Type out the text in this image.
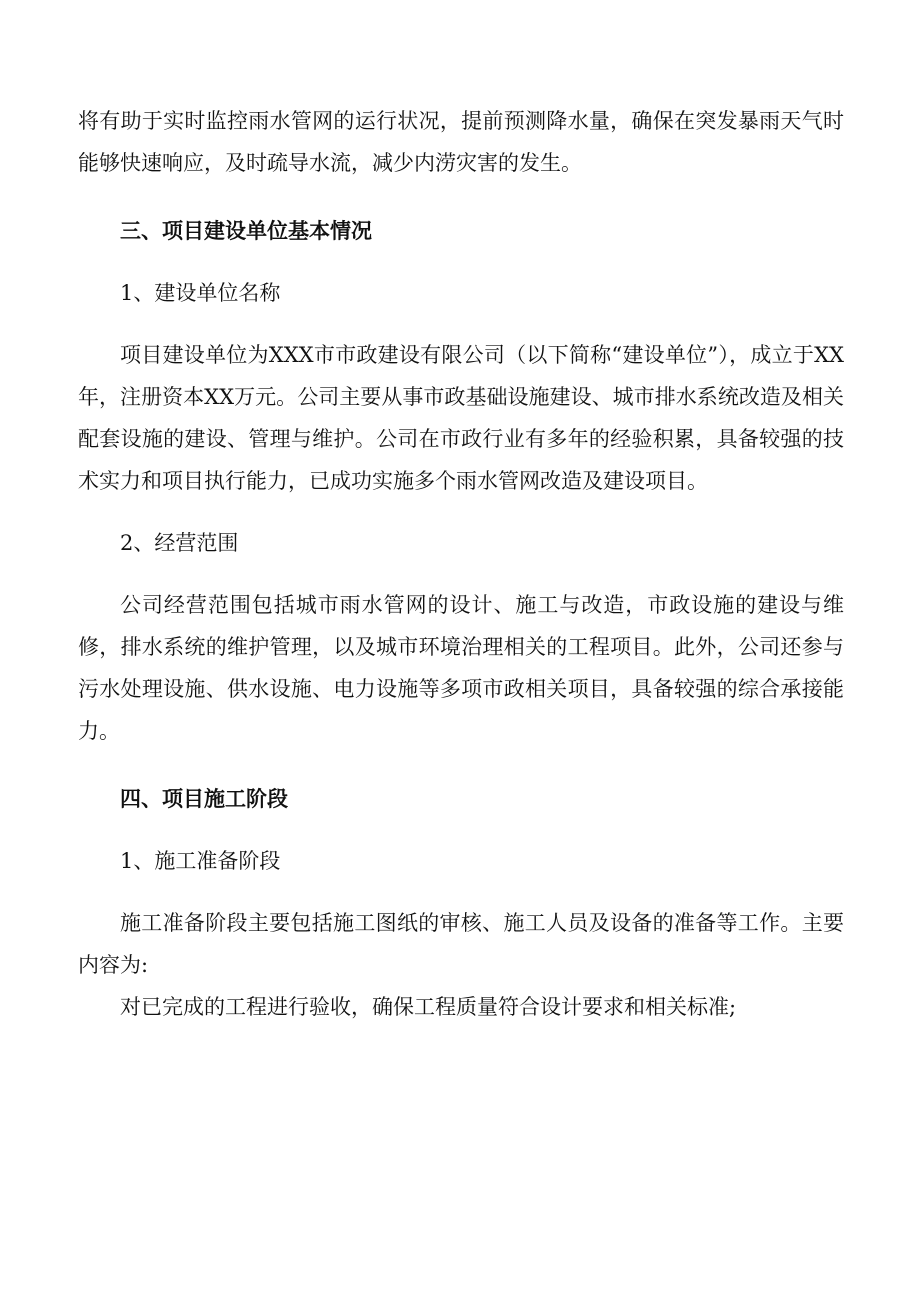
将有助于实时监控雨水管网的运行状况，提前预测降水量，确保在突发暴雨天气时能够快速响应，及时疏导水流，减少内涝灾害的发生。

三、项目建设单位基本情况

1、建设单位名称

项目建设单位为XXX市市政建设有限公司（以下简称“建设单位”），成立于XX年，注册资本XX万元。公司主要从事市政基础设施建设、城市排水系统改造及相关配套设施的建设、管理与维护。公司在市政行业有多年的经验积累，具备较强的技术实力和项目执行能力，已成功实施多个雨水管网改造及建设项目。

2、经营范围

公司经营范围包括城市雨水管网的设计、施工与改造，市政设施的建设与维修，排水系统的维护管理，以及城市环境治理相关的工程项目。此外，公司还参与污水处理设施、供水设施、电力设施等多项市政相关项目，具备较强的综合承接能力。

四、项目施工阶段

1、施工准备阶段

施工准备阶段主要包括施工图纸的审核、施工人员及设备的准备等工作。主要内容为:

对已完成的工程进行验收，确保工程质量符合设计要求和相关标准;
